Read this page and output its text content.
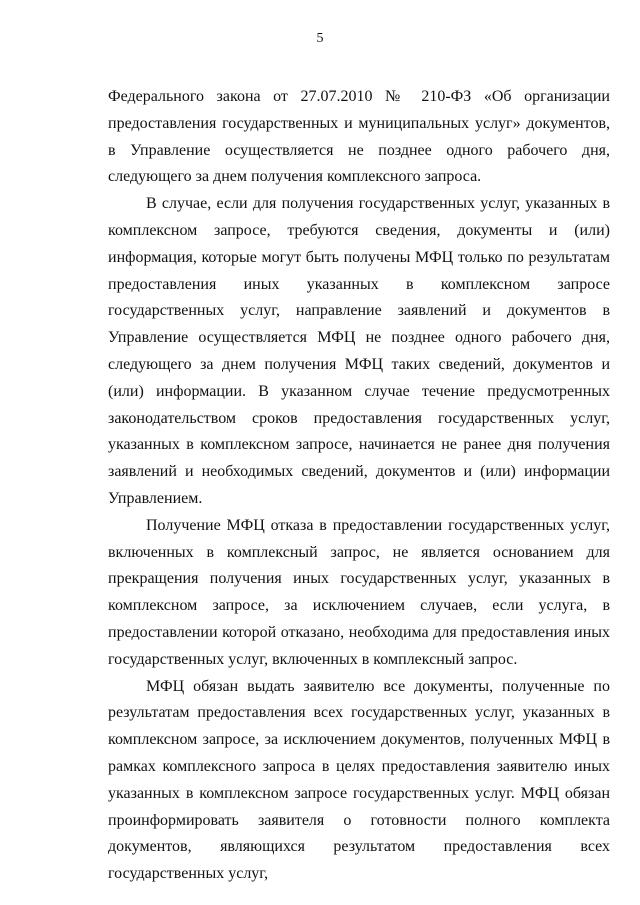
5

Федерального закона от 27.07.2010 № 210-ФЗ «Об организации предоставления государственных и муниципальных услуг» документов, в Управление осуществляется не позднее одного рабочего дня, следующего за днем получения комплексного запроса.

В случае, если для получения государственных услуг, указанных в комплексном запросе, требуются сведения, документы и (или) информация, которые могут быть получены МФЦ только по результатам предоставления иных указанных в комплексном запросе государственных услуг, направление заявлений и документов в Управление осуществляется МФЦ не позднее одного рабочего дня, следующего за днем получения МФЦ таких сведений, документов и (или) информации. В указанном случае течение предусмотренных законодательством сроков предоставления государственных услуг, указанных в комплексном запросе, начинается не ранее дня получения заявлений и необходимых сведений, документов и (или) информации Управлением.

Получение МФЦ отказа в предоставлении государственных услуг, включенных в комплексный запрос, не является основанием для прекращения получения иных государственных услуг, указанных в комплексном запросе, за исключением случаев, если услуга, в предоставлении которой отказано, необходима для предоставления иных государственных услуг, включенных в комплексный запрос.

МФЦ обязан выдать заявителю все документы, полученные по результатам предоставления всех государственных услуг, указанных в комплексном запросе, за исключением документов, полученных МФЦ в рамках комплексного запроса в целях предоставления заявителю иных указанных в комплексном запросе государственных услуг. МФЦ обязан проинформировать заявителя о готовности полного комплекта документов, являющихся результатом предоставления всех государственных услуг,
